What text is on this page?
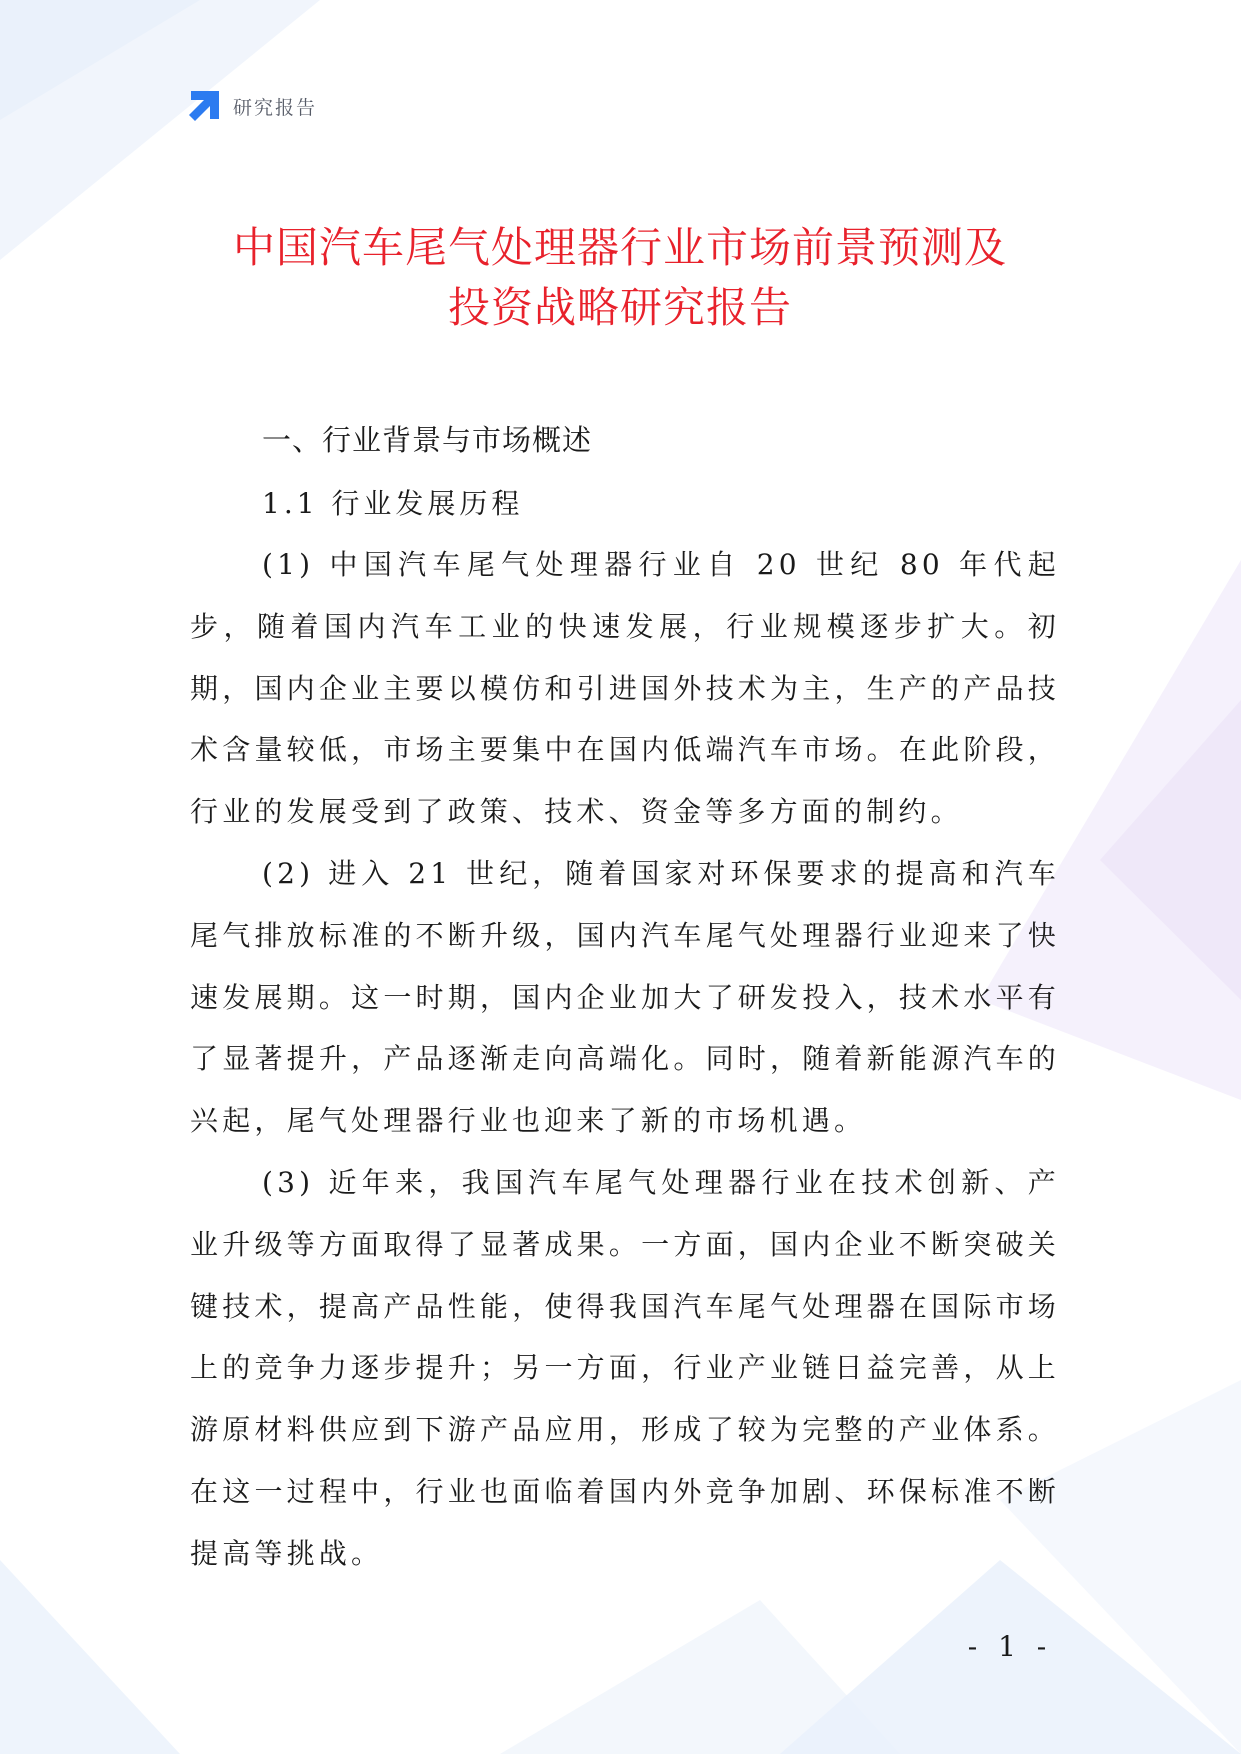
研究报告
中国汽车尾气处理器行业市场前景预测及
投资战略研究报告
一、行业背景与市场概述
1.1 行业发展历程

(1) 中国汽车尾气处理器行业自 20 世纪 80 年代起步，随着国内汽车工业的快速发展，行业规模逐步扩大。初期，国内企业主要以模仿和引进国外技术为主，生产的产品技术含量较低，市场主要集中在国内低端汽车市场。在此阶段，行业的发展受到了政策、技术、资金等多方面的制约。

(2) 进入 21 世纪，随着国家对环保要求的提高和汽车尾气排放标准的不断升级，国内汽车尾气处理器行业迎来了快速发展期。这一时期，国内企业加大了研发投入，技术水平有了显著提升，产品逐渐走向高端化。同时，随着新能源汽车的兴起，尾气处理器行业也迎来了新的市场机遇。

(3) 近年来，我国汽车尾气处理器行业在技术创新、产业升级等方面取得了显著成果。一方面，国内企业不断突破关键技术，提高产品性能，使得我国汽车尾气处理器在国际市场上的竞争力逐步提升；另一方面，行业产业链日益完善，从上游原材料供应到下游产品应用，形成了较为完整的产业体系。在这一过程中，行业也面临着国内外竞争加剧、环保标准不断提高等挑战。

- 1 -
